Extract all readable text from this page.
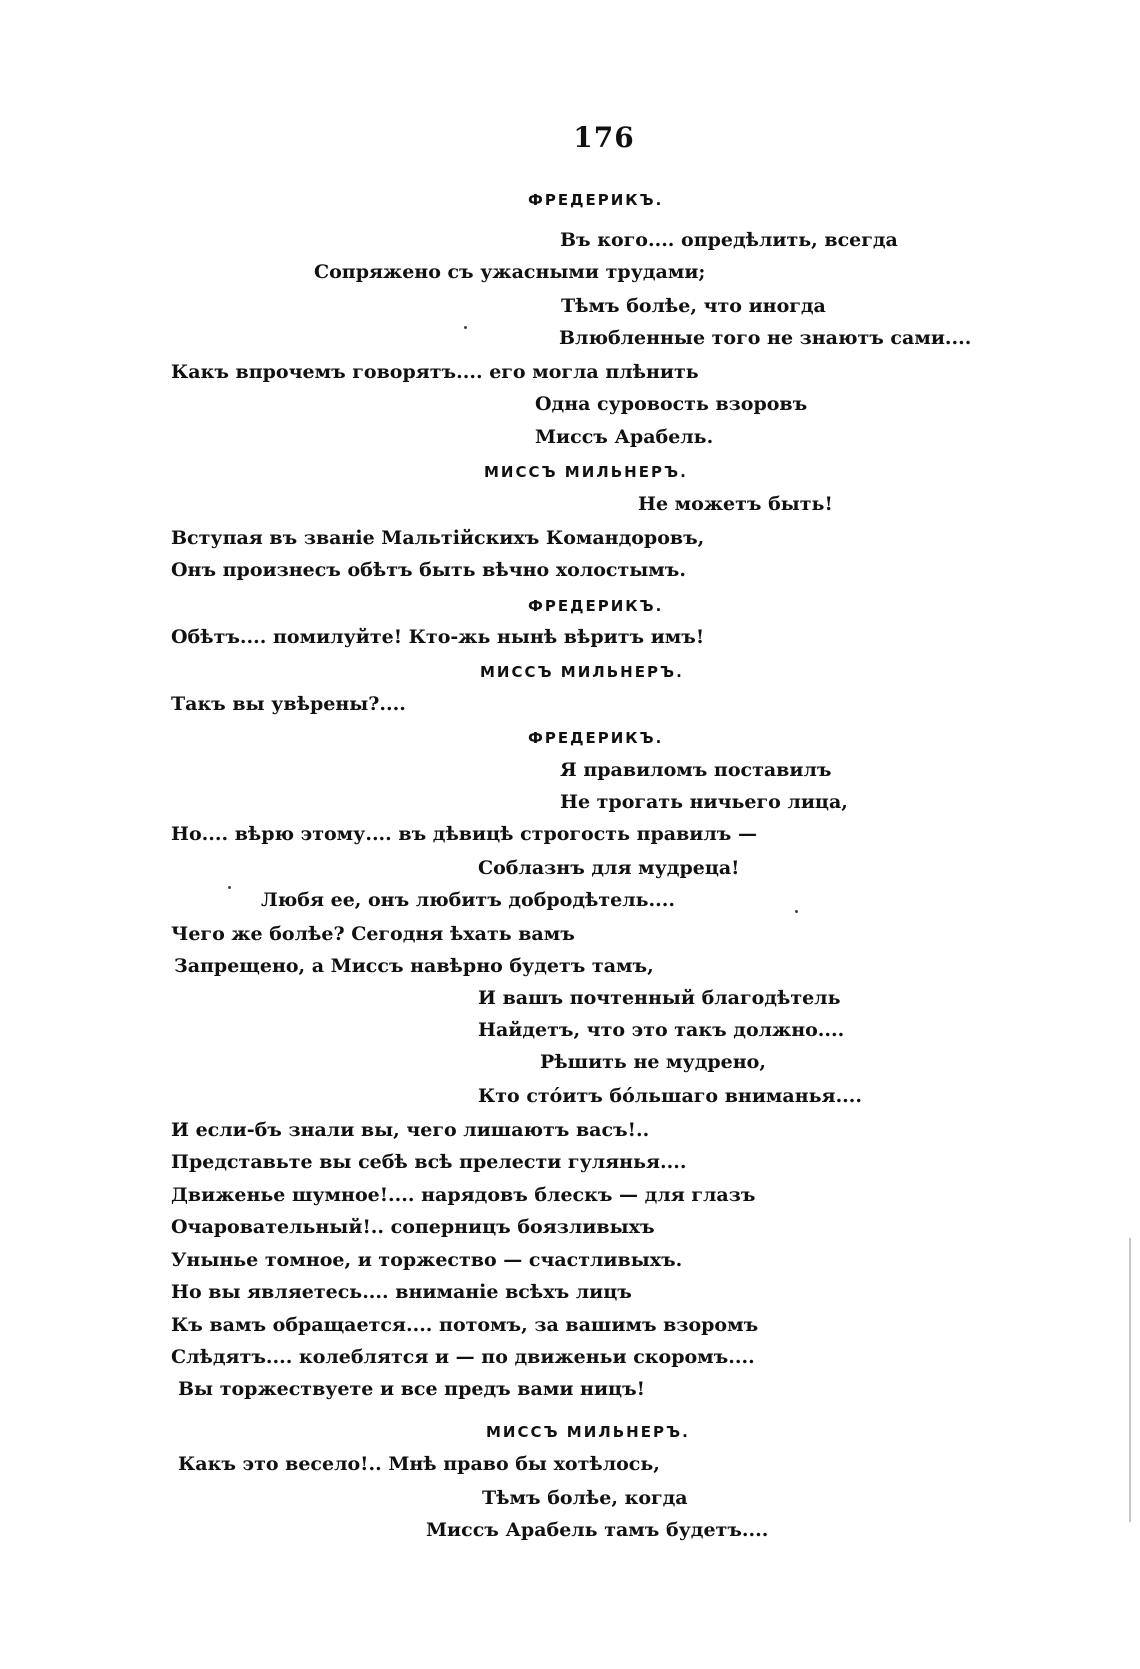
176
ФРЕДЕРИКЪ.
Въ кого.... опредѣлить, всегда
Сопряжено съ ужасными трудами;
Тѣмъ болѣе, что иногда
Влюбленные того не знаютъ сами....
Какъ впрочемъ говорятъ.... его могла плѣнить
Одна суровость взоровъ
Миссъ Арабель.
МИССЪ МИЛЬНЕРЪ.
Не можетъ быть!
Вступая въ званіе Мальтійскихъ Командоровъ,
Онъ произнесъ обѣтъ быть вѣчно холостымъ.
ФРЕДЕРИКЪ.
Обѣтъ.... помилуйте! Кто-жь нынѣ вѣритъ имъ!
МИССЪ МИЛЬНЕРЪ.
Такъ вы увѣрены?....
ФРЕДЕРИКЪ.
Я правиломъ поставилъ
Не трогать ничьего лица,
Но.... вѣрю этому.... въ дѣвицѣ строгость правилъ —
Соблазнъ для мудреца!
Любя ее, онъ любитъ добродѣтель....
Чего же болѣе? Сегодня ѣхать вамъ
Запрещено, а Миссъ навѣрно будетъ тамъ,
И вашъ почтенный благодѣтель
Найдетъ, что это такъ должно....
Рѣшить не мудрено,
Кто стóитъ бóльшаго вниманья....
И если-бъ знали вы, чего лишаютъ васъ!..
Представьте вы себѣ всѣ прелести гулянья....
Движенье шумное!.... нарядовъ блескъ — для глазъ
Очаровательный!.. соперницъ боязливыхъ
Унынье томное, и торжество — счастливыхъ.
Но вы являетесь.... вниманіе всѣхъ лицъ
Къ вамъ обращается.... потомъ, за вашимъ взоромъ
Слѣдятъ.... колеблятся и — по движеньи скоромъ....
Вы торжествуете и все предъ вами ницъ!
МИССЪ МИЛЬНЕРЪ.
Какъ это весело!.. Мнѣ право бы хотѣлось,
Тѣмъ болѣе, когда
Миссъ Арабель тамъ будетъ....
